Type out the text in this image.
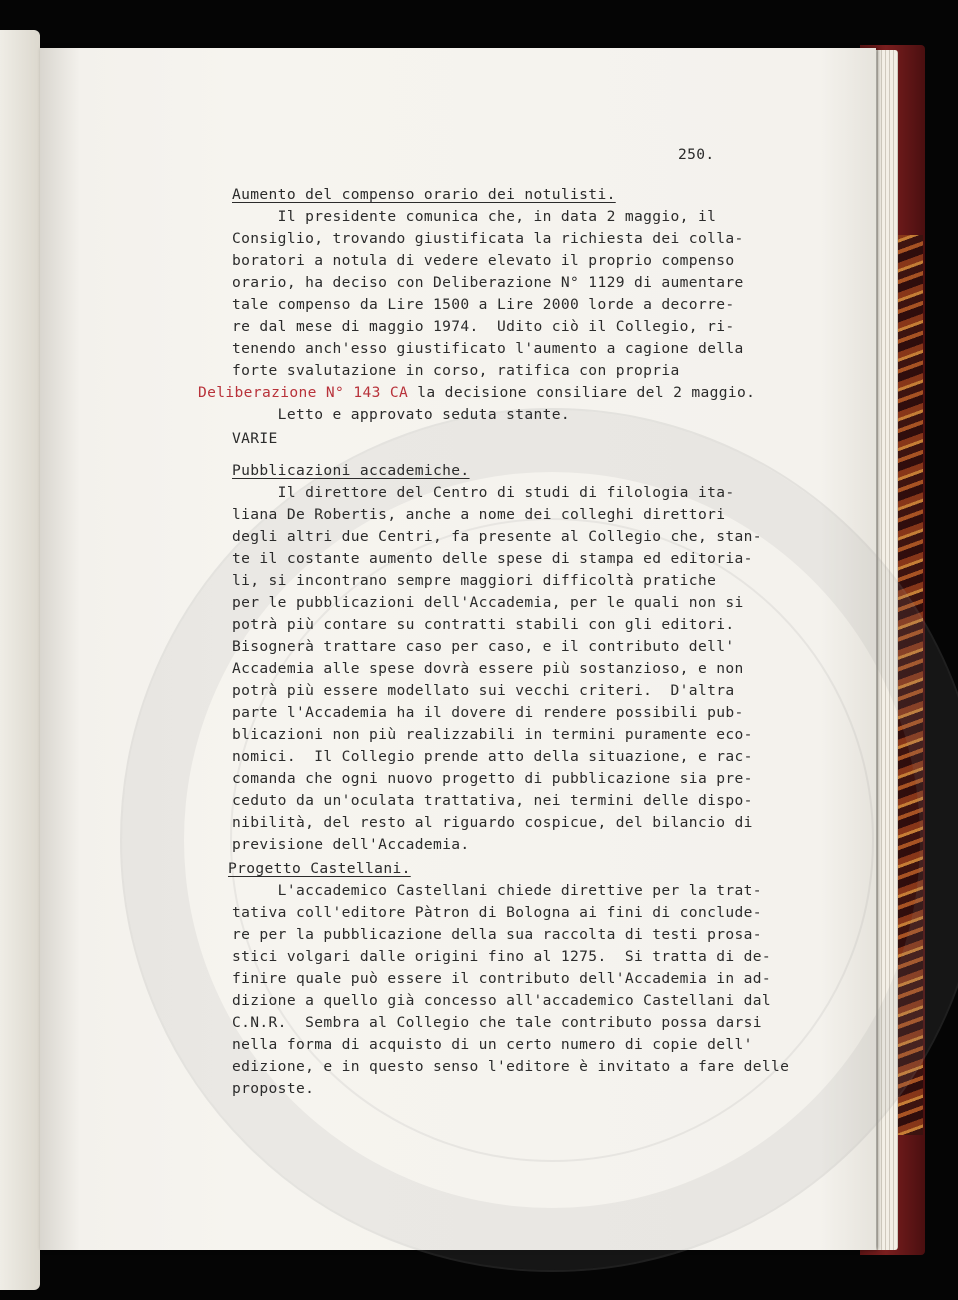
250.

Aumento del compenso orario dei notulisti.

Il presidente comunica che, in data 2 maggio, il

Consiglio, trovando giustificata la richiesta dei colla-

boratori a notula di vedere elevato il proprio compenso

orario, ha deciso con Deliberazione N° 1129 di aumentare

tale compenso da Lire 1500 a Lire 2000 lorde a decorre-

re dal mese di maggio 1974.  Udito ciò il Collegio, ri-

tenendo anch'esso giustificato l'aumento a cagione della

forte svalutazione in corso, ratifica con propria

Deliberazione N° 143 CA la decisione consiliare del 2 maggio.

Letto e approvato seduta stante.

VARIE

Pubblicazioni accademiche.

Il direttore del Centro di studi di filologia ita-

liana De Robertis, anche a nome dei colleghi direttori

degli altri due Centri, fa presente al Collegio che, stan-

te il costante aumento delle spese di stampa ed editoria-

li, si incontrano sempre maggiori difficoltà pratiche

per le pubblicazioni dell'Accademia, per le quali non si

potrà più contare su contratti stabili con gli editori.

Bisognerà trattare caso per caso, e il contributo dell'

Accademia alle spese dovrà essere più sostanzioso, e non

potrà più essere modellato sui vecchi criteri.  D'altra

parte l'Accademia ha il dovere di rendere possibili pub-

blicazioni non più realizzabili in termini puramente eco-

nomici.  Il Collegio prende atto della situazione, e rac-

comanda che ogni nuovo progetto di pubblicazione sia pre-

ceduto da un'oculata trattativa, nei termini delle dispo-

nibilità, del resto al riguardo cospicue, del bilancio di

previsione dell'Accademia.

Progetto Castellani.

L'accademico Castellani chiede direttive per la trat-

tativa coll'editore Pàtron di Bologna ai fini di conclude-

re per la pubblicazione della sua raccolta di testi prosa-

stici volgari dalle origini fino al 1275.  Si tratta di de-

finire quale può essere il contributo dell'Accademia in ad-

dizione a quello già concesso all'accademico Castellani dal

C.N.R.  Sembra al Collegio che tale contributo possa darsi

nella forma di acquisto di un certo numero di copie dell'

edizione, e in questo senso l'editore è invitato a fare delle

proposte.
